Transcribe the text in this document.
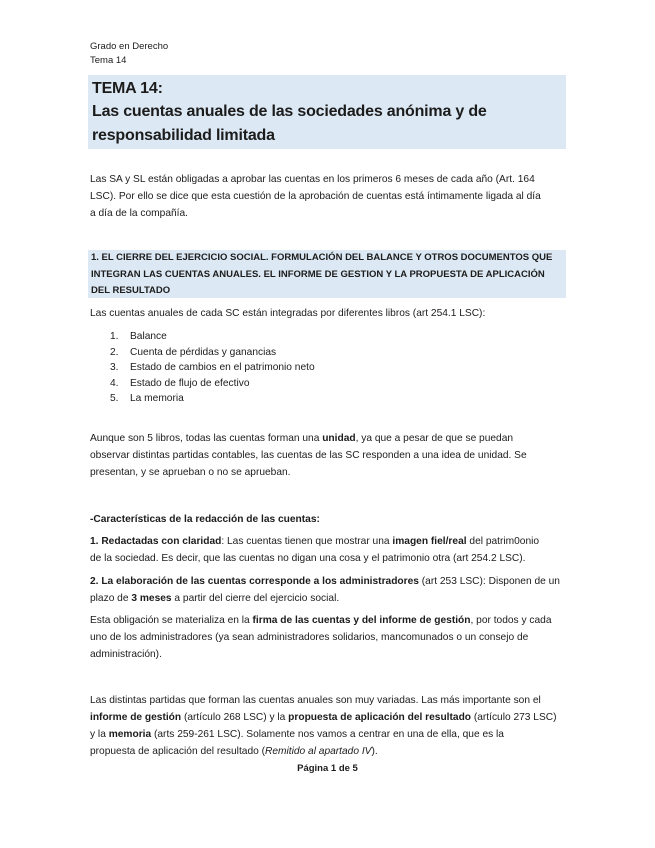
Grado en Derecho
Tema 14
TEMA 14:
Las cuentas anuales de las sociedades anónima y de
responsabilidad limitada
Las SA y SL están obligadas a aprobar las cuentas en los primeros 6 meses de cada año (Art. 164
LSC). Por ello se dice que esta cuestión de la aprobación de cuentas está íntimamente ligada al día
a día de la compañía.
1. EL CIERRE DEL EJERCICIO SOCIAL. FORMULACIÓN DEL BALANCE Y OTROS DOCUMENTOS QUE
INTEGRAN LAS CUENTAS ANUALES. EL INFORME DE GESTION Y LA PROPUESTA DE APLICACIÓN
DEL RESULTADO
Las cuentas anuales de cada SC están integradas por diferentes libros (art 254.1 LSC):
1. Balance
2. Cuenta de pérdidas y ganancias
3. Estado de cambios en el patrimonio neto
4. Estado de flujo de efectivo
5. La memoria
Aunque son 5 libros, todas las cuentas forman una unidad, ya que a pesar de que se puedan
observar distintas partidas contables, las cuentas de las SC responden a una idea de unidad. Se
presentan, y se aprueban o no se aprueban.
-Características de la redacción de las cuentas:
1. Redactadas con claridad: Las cuentas tienen que mostrar una imagen fiel/real del patrim0onio
de la sociedad. Es decir, que las cuentas no digan una cosa y el patrimonio otra (art 254.2 LSC).
2. La elaboración de las cuentas corresponde a los administradores (art 253 LSC): Disponen de un
plazo de 3 meses a partir del cierre del ejercicio social.
Esta obligación se materializa en la firma de las cuentas y del informe de gestión, por todos y cada
uno de los administradores (ya sean administradores solidarios, mancomunados o un consejo de
administración).
Las distintas partidas que forman las cuentas anuales son muy variadas. Las más importante son el
informe de gestión (artículo 268 LSC) y la propuesta de aplicación del resultado (artículo 273 LSC)
y la memoria (arts 259-261 LSC). Solamente nos vamos a centrar en una de ella, que es la
propuesta de aplicación del resultado (Remitido al apartado IV).
Página 1 de 5
